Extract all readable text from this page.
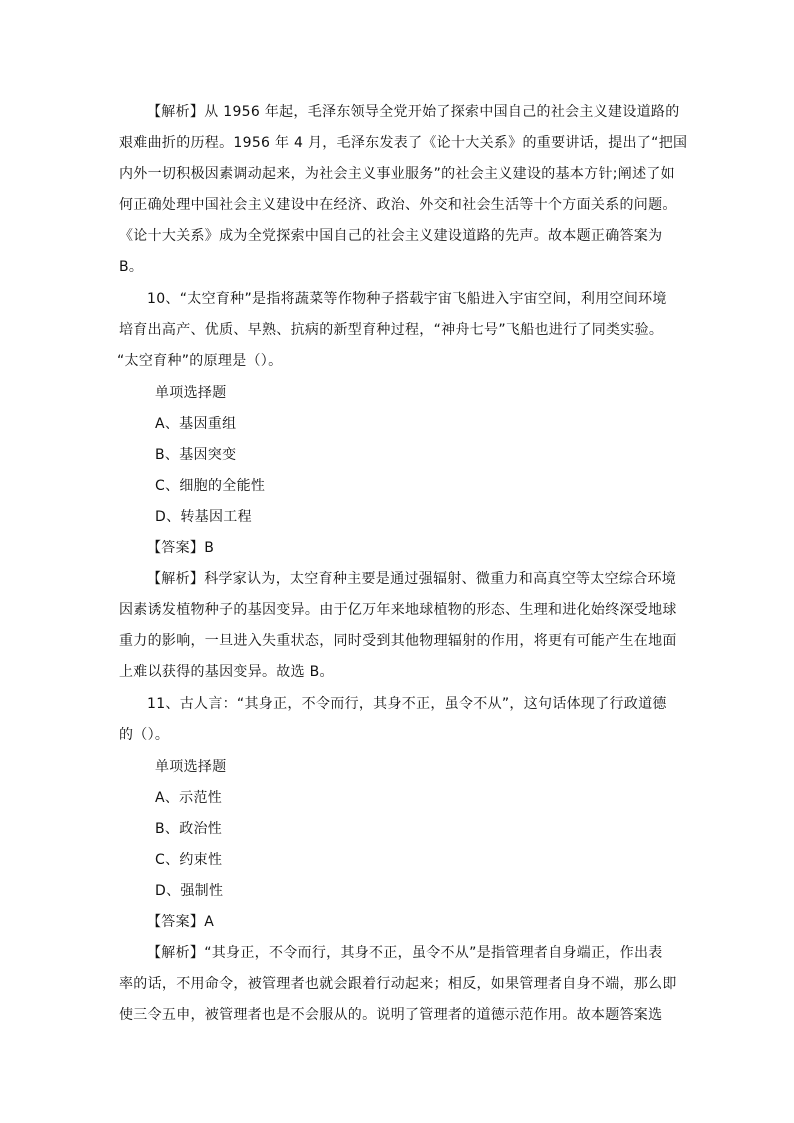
【解析】从 1956 年起，毛泽东领导全党开始了探索中国自己的社会主义建设道路的
艰难曲折的历程。1956 年 4 月，毛泽东发表了《论十大关系》的重要讲话，提出了“把国
内外一切积极因素调动起来，为社会主义事业服务”的社会主义建设的基本方针;阐述了如
何正确处理中国社会主义建设中在经济、政治、外交和社会生活等十个方面关系的问题。
《论十大关系》成为全党探索中国自己的社会主义建设道路的先声。故本题正确答案为
B。
10、“太空育种”是指将蔬菜等作物种子搭载宇宙飞船进入宇宙空间，利用空间环境
培育出高产、优质、早熟、抗病的新型育种过程，“神舟七号”飞船也进行了同类实验。
“太空育种”的原理是（）。
单项选择题
A、基因重组
B、基因突变
C、细胞的全能性
D、转基因工程
【答案】B
【解析】科学家认为，太空育种主要是通过强辐射、微重力和高真空等太空综合环境
因素诱发植物种子的基因变异。由于亿万年来地球植物的形态、生理和进化始终深受地球
重力的影响，一旦进入失重状态，同时受到其他物理辐射的作用，将更有可能产生在地面
上难以获得的基因变异。故选 B。
11、古人言：“其身正，不令而行，其身不正，虽令不从”，这句话体现了行政道德
的（）。
单项选择题
A、示范性
B、政治性
C、约束性
D、强制性
【答案】A
【解析】“其身正，不令而行，其身不正，虽令不从”是指管理者自身端正，作出表
率的话，不用命令，被管理者也就会跟着行动起来；相反，如果管理者自身不端，那么即
使三令五申，被管理者也是不会服从的。说明了管理者的道德示范作用。故本题答案选
